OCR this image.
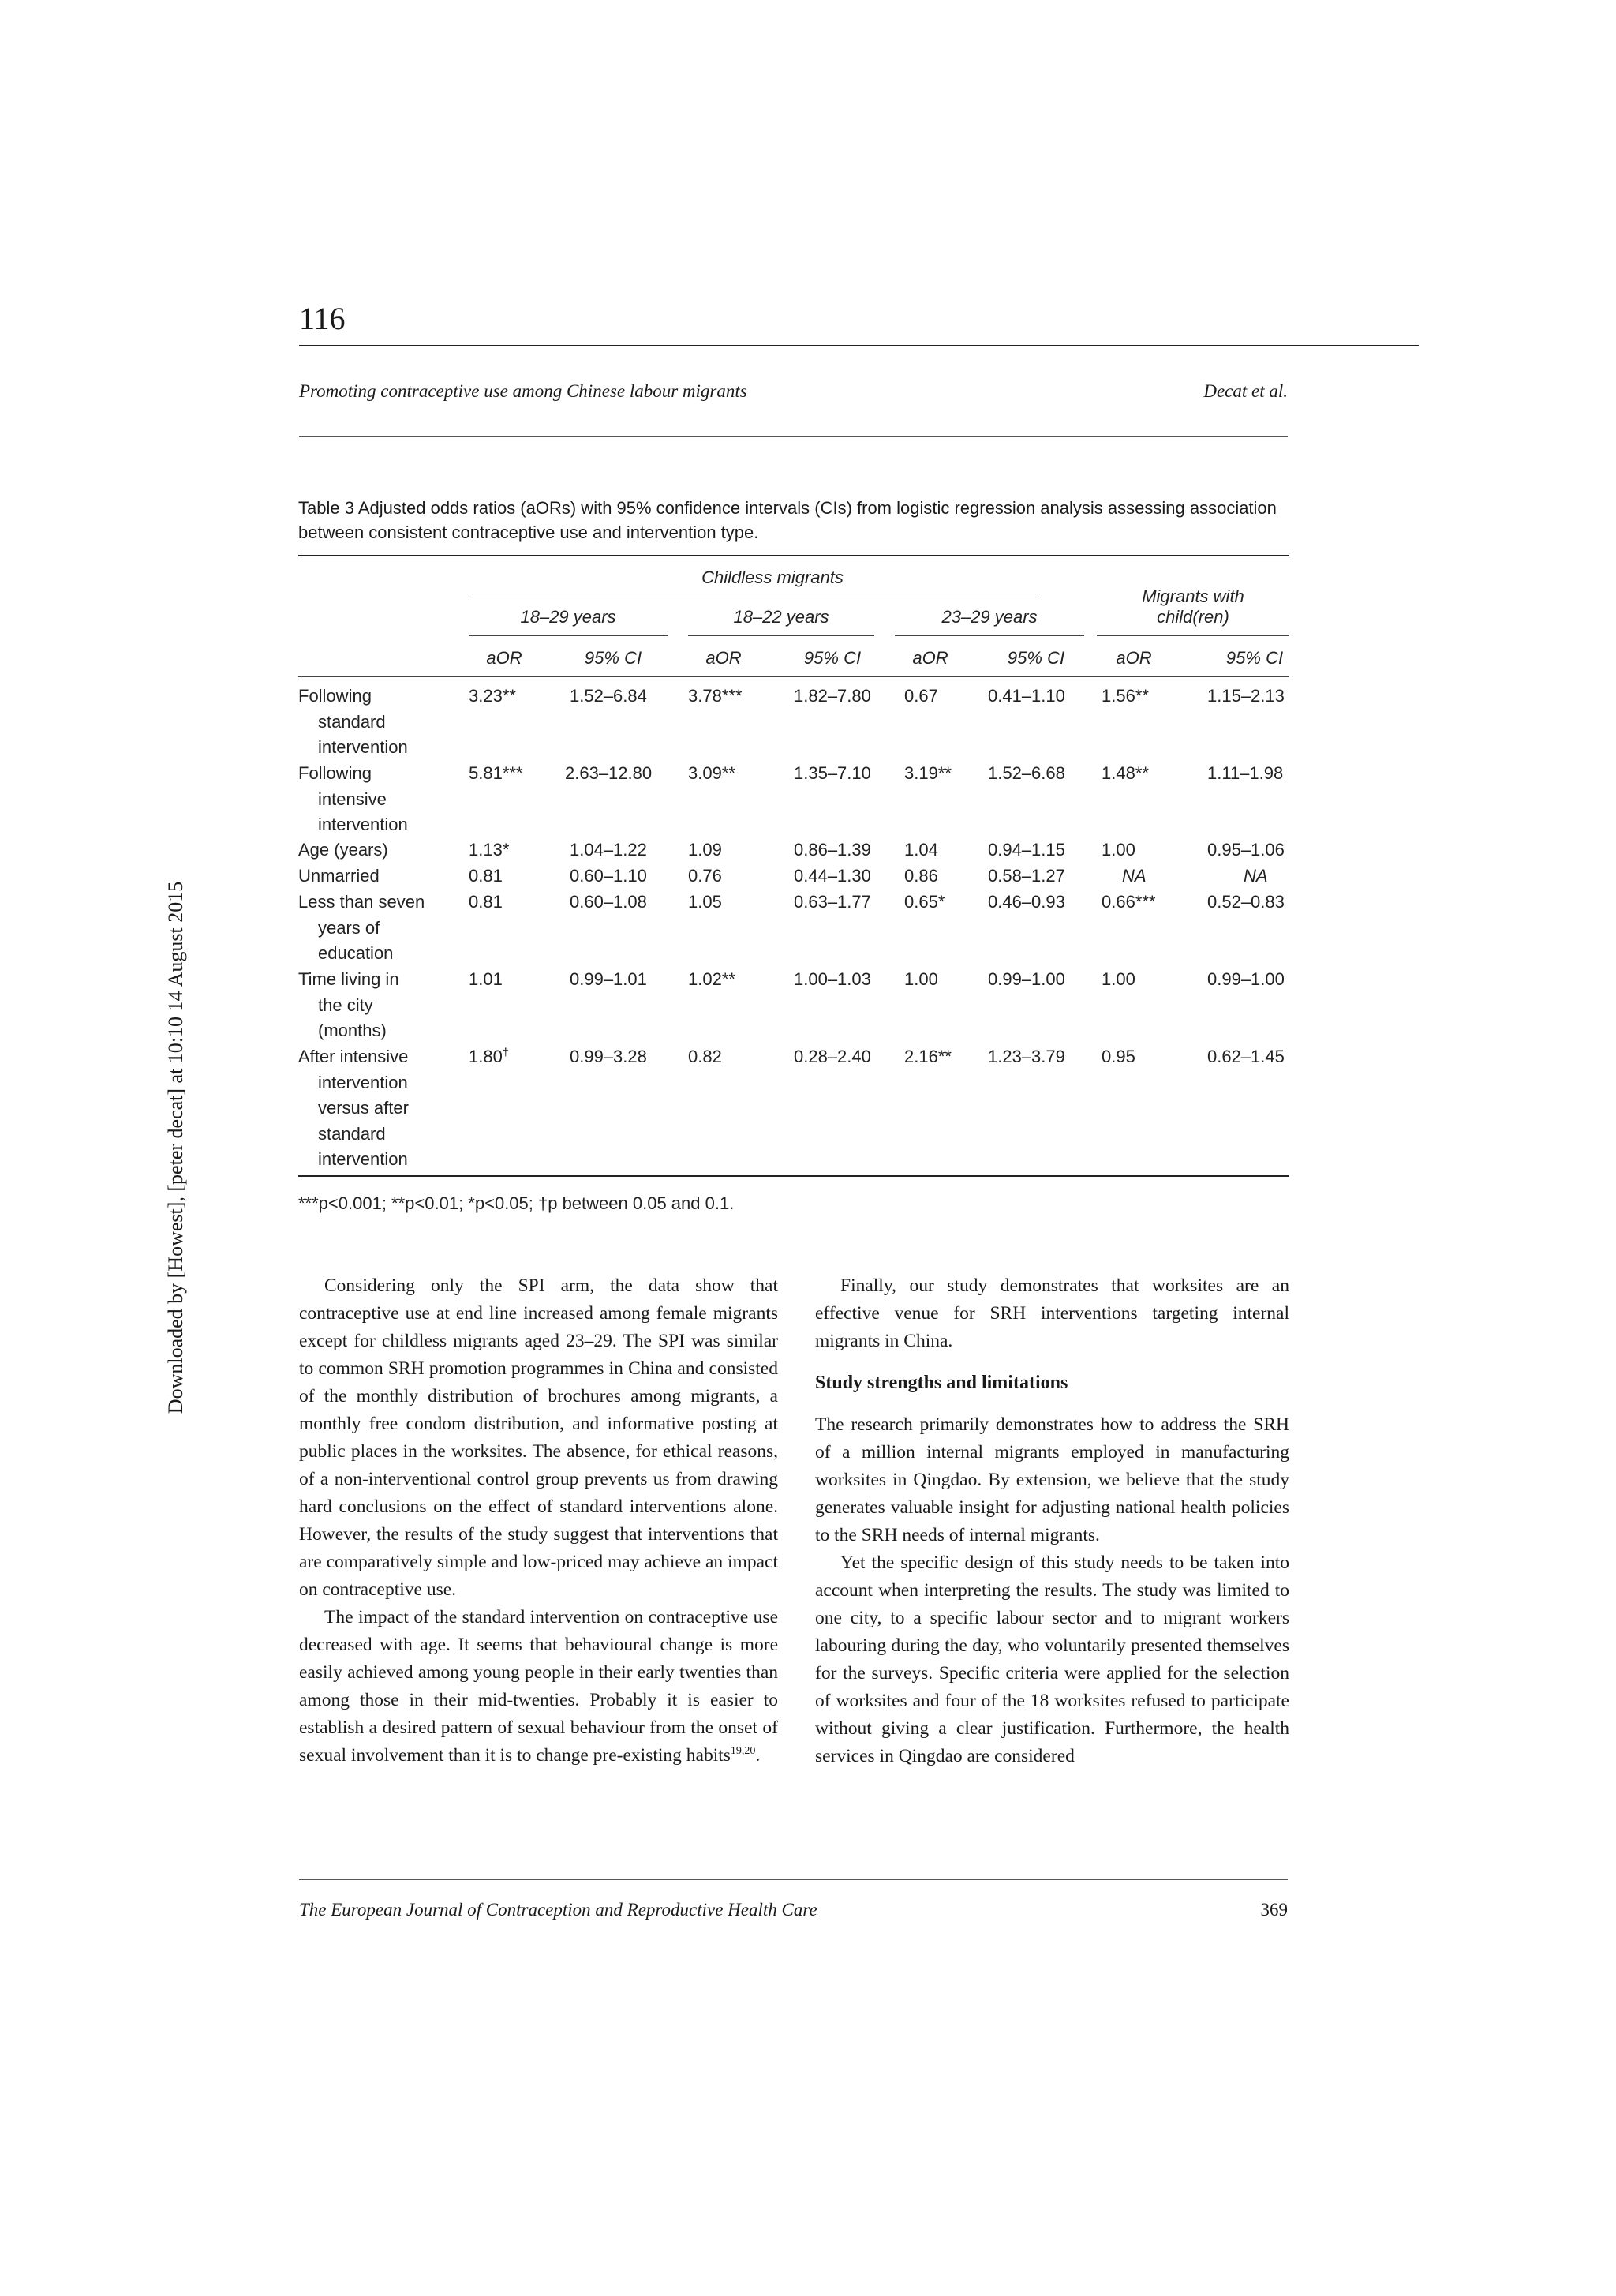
116
Promoting contraceptive use among Chinese labour migrants	Decat et al.
Downloaded by [Howest], [peter decat] at 10:10 14 August 2015
Table 3 Adjusted odds ratios (aORs) with 95% confidence intervals (CIs) from logistic regression analysis assessing association between consistent contraceptive use and intervention type.
Childless migrants
18–29 years	18–22 years	23–29 years
Migrants with
child(ren)
aOR	95% CI	aOR	95% CI	aOR	95% CI	aOR	95% CI
Following
standard
intervention
3.23**	1.52–6.84 3.78***	1.82–7.80 0.67	0.41–1.10 1.56**	1.15–2.13
Following
intensive
intervention
5.81*** 2.63–12.80 3.09**	1.35–7.10 3.19** 1.52–6.68 1.48**	1.11–1.98
Age (years)	1.13*	1.04–1.22 1.09	0.86–1.39 1.04	0.94–1.15 1.00	0.95–1.06
Unmarried	0.81	0.60–1.10 0.76	0.44–1.30 0.86	0.58–1.27	NA	NA
Less than seven
years of
education
0.81	0.60–1.08 1.05	0.63–1.77 0.65* 0.46–0.93 0.66***	0.52–0.83
Time living in
the city
(months)
1.01	0.99–1.01 1.02**	1.00–1.03 1.00	0.99–1.00 1.00	0.99–1.00
After intensive
intervention
versus after
standard
intervention
1.80†	0.99–3.28 0.82	0.28–2.40 2.16** 1.23–3.79 0.95	0.62–1.45
***p<0.001; **p<0.01; *p<0.05; †p between 0.05 and 0.1.

Considering only the SPI arm, the data show that contraceptive use at end line increased among female migrants except for childless migrants aged 23–29. The SPI was similar to common SRH promotion programmes in China and consisted of the monthly distribution of brochures among migrants, a monthly free condom distribution, and informative posting at public places in the worksites. The absence, for ethical reasons, of a non-interventional control group prevents us from drawing hard conclusions on the effect of standard interventions alone. However, the results of the study suggest that interventions that are comparatively simple and low-priced may achieve an impact on contraceptive use.

The impact of the standard intervention on contraceptive use decreased with age. It seems that behavioural change is more easily achieved among young people in their early twenties than among those in their mid-twenties. Probably it is easier to establish a desired pattern of sexual behaviour from the onset of sexual involvement than it is to change pre-existing habits$^{19,20}$.

Finally, our study demonstrates that worksites are an effective venue for SRH interventions targeting internal migrants in China.

Study strengths and limitations

The research primarily demonstrates how to address the SRH of a million internal migrants employed in manufacturing worksites in Qingdao. By extension, we believe that the study generates valuable insight for adjusting national health policies to the SRH needs of internal migrants.

Yet the specific design of this study needs to be taken into account when interpreting the results. The study was limited to one city, to a specific labour sector and to migrant workers labouring during the day, who voluntarily presented themselves for the surveys. Specific criteria were applied for the selection of worksites and four of the 18 worksites refused to participate without giving a clear justification. Furthermore, the health services in Qingdao are considered

The European Journal of Contraception and Reproductive Health Care	369
